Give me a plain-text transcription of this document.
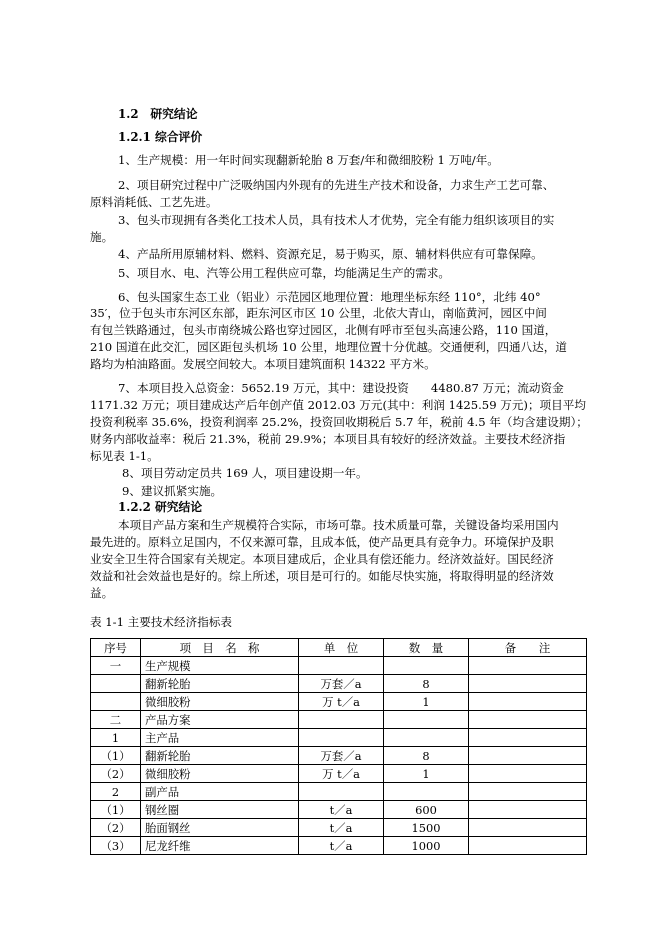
1.2　研究结论
1.2.1 综合评价
1、生产规模：用一年时间实现翻新轮胎 8 万套/年和微细胶粉 1 万吨/年。
2、项目研究过程中广泛吸纳国内外现有的先进生产技术和设备，力求生产工艺可靠、
原料消耗低、工艺先进。
3、包头市现拥有各类化工技术人员，具有技术人才优势，完全有能力组织该项目的实
施。
4、产品所用原辅材料、燃料、资源充足，易于购买，原、辅材料供应有可靠保障。
5、项目水、电、汽等公用工程供应可靠，均能满足生产的需求。
6、包头国家生态工业（铝业）示范园区地理位置：地理坐标东经 110°，北纬 40°
35′，位于包头市东河区东部，距东河区市区 10 公里，北依大青山，南临黄河，园区中间
有包兰铁路通过，包头市南绕城公路也穿过园区，北侧有呼市至包头高速公路，110 国道，
210 国道在此交汇，园区距包头机场 10 公里，地理位置十分优越。交通便利，四通八达，道
路均为柏油路面。发展空间较大。本项目建筑面积 14322 平方米。
7、本项目投入总资金：5652.19 万元，其中：建设投资 4480.87 万元；流动资金
1171.32 万元；项目建成达产后年创产值 2012.03 万元(其中：利润 1425.59 万元)；项目平均
投资利税率 35.6%，投资利润率 25.2%，投资回收期税后 5.7 年，税前 4.5 年（均含建设期）；
财务内部收益率：税后 21.3%，税前 29.9%；本项目具有较好的经济效益。主要技术经济指
标见表 1-1。
8、项目劳动定员共 169 人，项目建设期一年。
9、建议抓紧实施。
1.2.2 研究结论
本项目产品方案和生产规模符合实际，市场可靠。技术质量可靠，关键设备均采用国内
最先进的。原料立足国内，不仅来源可靠，且成本低，使产品更具有竞争力。环境保护及职
业安全卫生符合国家有关规定。本项目建成后，企业具有偿还能力。经济效益好。国民经济
效益和社会效益也是好的。综上所述，项目是可行的。如能尽快实施，将取得明显的经济效
益。
表 1-1 主要技术经济指标表
序号	项　目　名　称	单　位	数　量	备　　注
一	生产规模			
	翻新轮胎	万套／a	8	
	微细胶粉	万 t／a	1	
二	产品方案			
1	主产品			
（1）	翻新轮胎	万套／a	8	
（2）	微细胶粉	万 t／a	1	
2	副产品			
（1）	钢丝圈	t／a	600	
（2）	胎面钢丝	t／a	1500	
（3）	尼龙纤维	t／a	1000	
